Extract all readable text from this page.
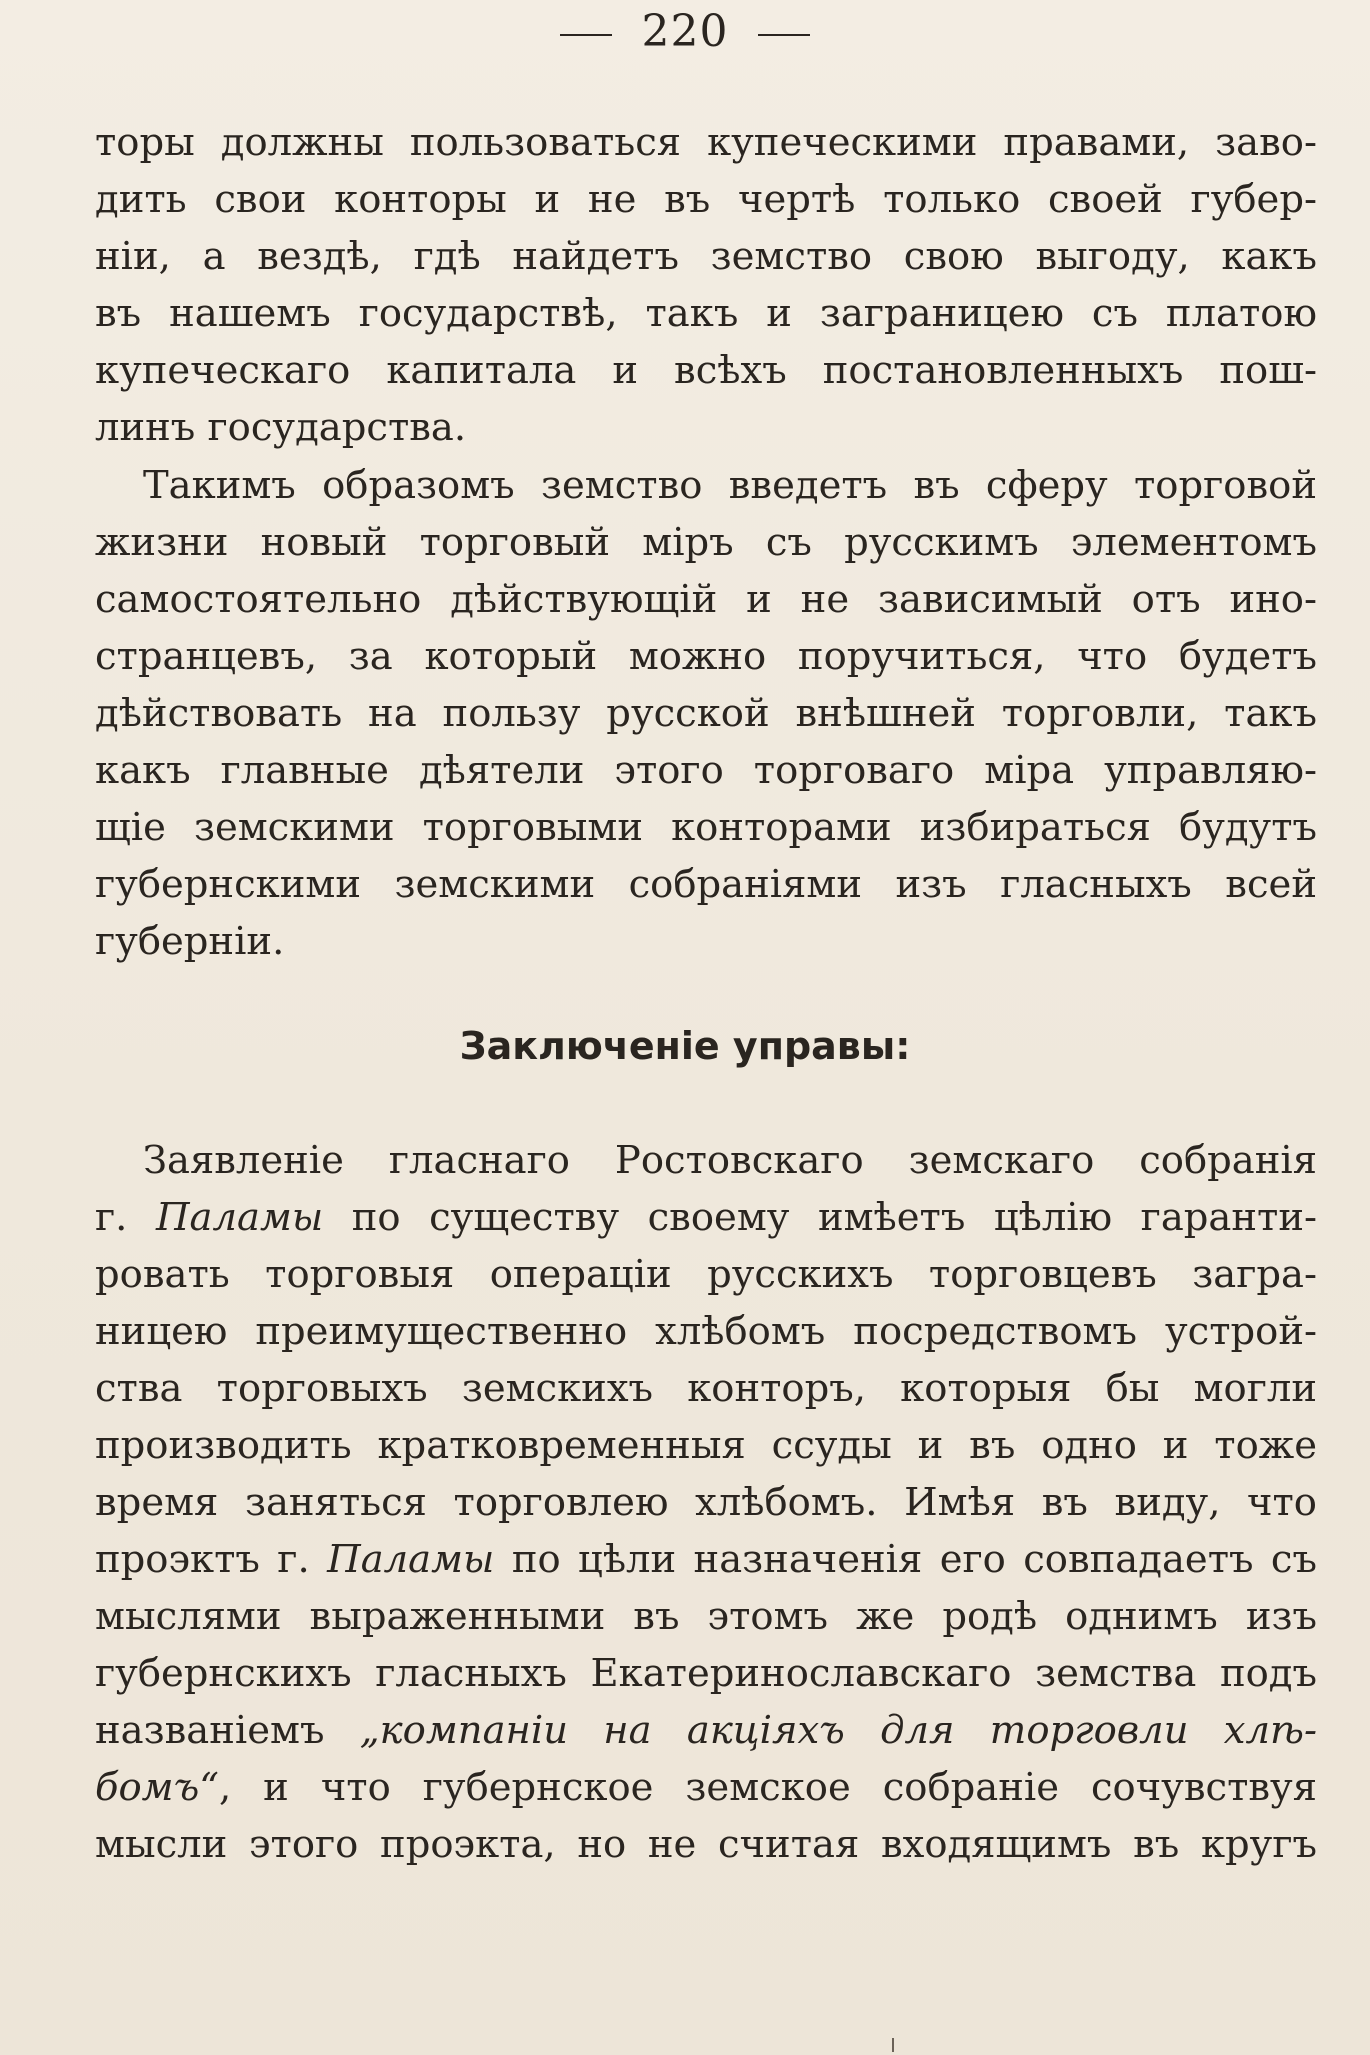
220
торы должны пользоваться купеческими правами, заво-
дить свои конторы и не въ чертѣ только своей губер-
нiи, а вездѣ, гдѣ найдетъ земство свою выгоду, какъ
въ нашемъ государствѣ, такъ и заграницею съ платою
купеческаго капитала и всѣхъ постановленныхъ пош-
линъ государства.
Такимъ образомъ земство введетъ въ сферу торговой
жизни новый торговый мiръ съ русскимъ элементомъ
самостоятельно дѣйствующiй и не зависимый отъ ино-
странцевъ, за который можно поручиться, что будетъ
дѣйствовать на пользу русской внѣшней торговли, такъ
какъ главные дѣятели этого торговаго мiра управляю-
щiе земскими торговыми конторами избираться будутъ
губернскими земскими собранiями изъ гласныхъ всей
губернiи.
Заключенiе управы:
Заявленiе гласнаго Ростовскаго земскаго собранiя
г. Паламы по существу своему имѣетъ цѣлiю гаранти-
ровать торговыя операцiи русскихъ торговцевъ загра-
ницею преимущественно хлѣбомъ посредствомъ устрой-
ства торговыхъ земскихъ конторъ, которыя бы могли
производить кратковременныя ссуды и въ одно и тоже
время заняться торговлею хлѣбомъ. Имѣя въ виду, что
проэктъ г. Паламы по цѣли назначенiя его совпадаетъ съ
мыслями выраженными въ этомъ же родѣ однимъ изъ
губернскихъ гласныхъ Екатеринославскаго земства подъ
названiемъ „компанiи на акцiяхъ для торговли хлѣ-
бомъ“, и что губернское земское собранiе сочувствуя
мысли этого проэкта, но не считая входящимъ въ кругъ
